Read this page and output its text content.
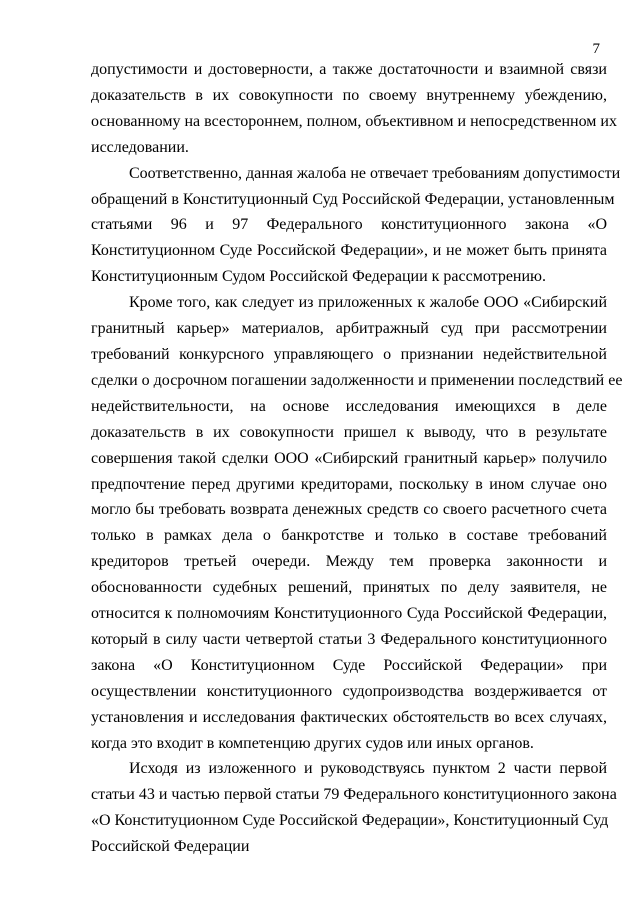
7
допустимости и достоверности, а также достаточности и взаимной связи
доказательств в их совокупности по своему внутреннему убеждению,
основанному на всестороннем, полном, объективном и непосредственном их
исследовании.
Соответственно, данная жалоба не отвечает требованиям допустимости
обращений в Конституционный Суд Российской Федерации, установленным
статьями 96 и 97 Федерального конституционного закона «О
Конституционном Суде Российской Федерации», и не может быть принята
Конституционным Судом Российской Федерации к рассмотрению.
Кроме того, как следует из приложенных к жалобе ООО «Сибирский
гранитный карьер» материалов, арбитражный суд при рассмотрении
требований конкурсного управляющего о признании недействительной
сделки о досрочном погашении задолженности и применении последствий ее
недействительности, на основе исследования имеющихся в деле
доказательств в их совокупности пришел к выводу, что в результате
совершения такой сделки ООО «Сибирский гранитный карьер» получило
предпочтение перед другими кредиторами, поскольку в ином случае оно
могло бы требовать возврата денежных средств со своего расчетного счета
только в рамках дела о банкротстве и только в составе требований
кредиторов третьей очереди. Между тем проверка законности и
обоснованности судебных решений, принятых по делу заявителя, не
относится к полномочиям Конституционного Суда Российской Федерации,
который в силу части четвертой статьи 3 Федерального конституционного
закона «О Конституционном Суде Российской Федерации» при
осуществлении конституционного судопроизводства воздерживается от
установления и исследования фактических обстоятельств во всех случаях,
когда это входит в компетенцию других судов или иных органов.
Исходя из изложенного и руководствуясь пунктом 2 части первой
статьи 43 и частью первой статьи 79 Федерального конституционного закона
«О Конституционном Суде Российской Федерации», Конституционный Суд
Российской Федерации
